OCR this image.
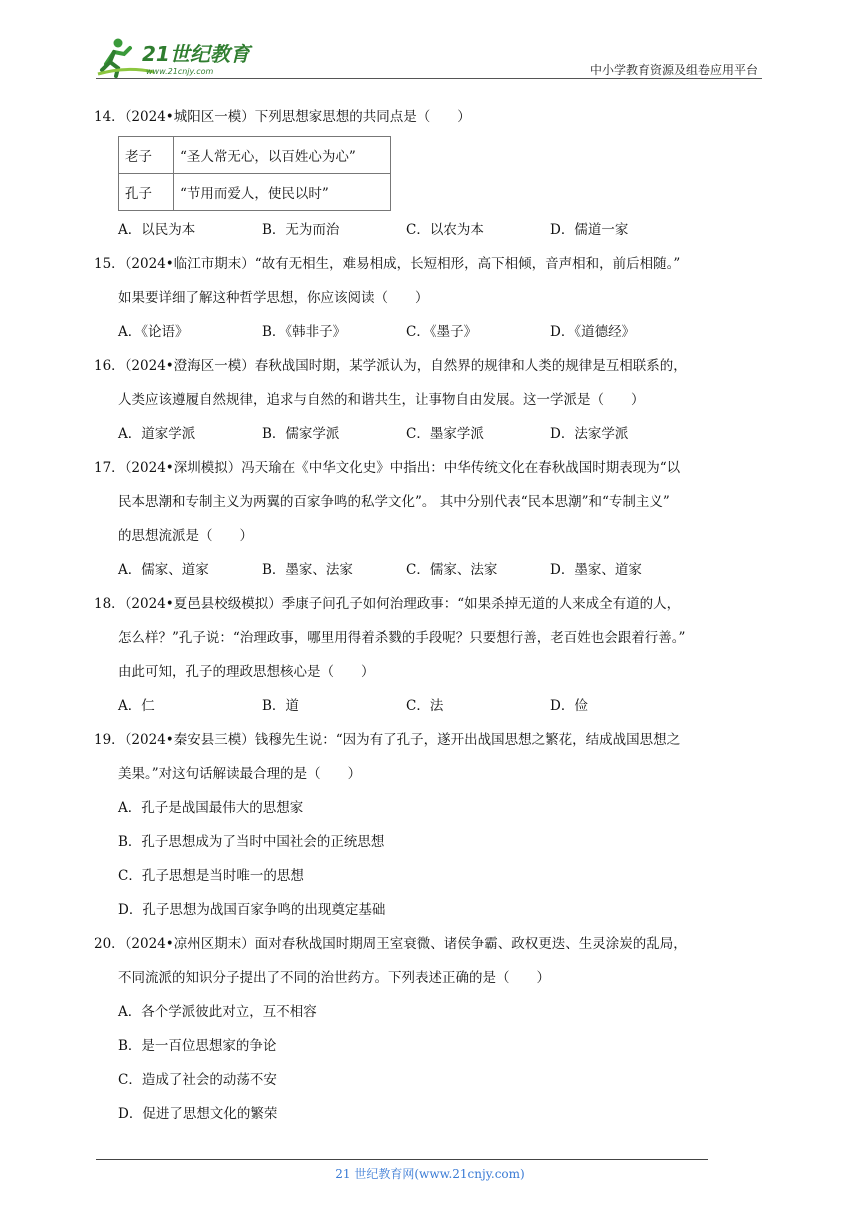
21世纪教育
www.21cnjy.com	中小学教育资源及组卷应用平台
14．（2024•城阳区一模）下列思想家思想的共同点是（　　）
老子	“圣人常无心，以百姓心为心”
孔子	“节用而爱人，使民以时”
A．以民为本	B．无为而治	C．以农为本	D．儒道一家
15．（2024•临江市期末）“故有无相生，难易相成，长短相形，高下相倾，音声相和，前后相随。”
如果要详细了解这种哲学思想，你应该阅读（　　）
A．《论语》	B．《韩非子》	C．《墨子》	D．《道德经》
16．（2024•澄海区一模）春秋战国时期，某学派认为，自然界的规律和人类的规律是互相联系的，
人类应该遵履自然规律，追求与自然的和谐共生，让事物自由发展。这一学派是（　　）
A．道家学派	B．儒家学派	C．墨家学派	D．法家学派
17．（2024•深圳模拟）冯天瑜在《中华文化史》中指出：中华传统文化在春秋战国时期表现为“以
民本思潮和专制主义为两翼的百家争鸣的私学文化”。 其中分别代表“民本思潮”和“专制主义”
的思想流派是（　　）
A．儒家、道家	B．墨家、法家	C．儒家、法家	D．墨家、道家
18．（2024•夏邑县校级模拟）季康子问孔子如何治理政事：“如果杀掉无道的人来成全有道的人，
怎么样？”孔子说：“治理政事，哪里用得着杀戮的手段呢？只要想行善，老百姓也会跟着行善。”
由此可知，孔子的理政思想核心是（　　）
A．仁	B．道	C．法	D．俭
19．（2024•秦安县三模）钱穆先生说：“因为有了孔子，遂开出战国思想之繁花，结成战国思想之
美果。”对这句话解读最合理的是（　　）
A．孔子是战国最伟大的思想家
B．孔子思想成为了当时中国社会的正统思想
C．孔子思想是当时唯一的思想
D．孔子思想为战国百家争鸣的出现奠定基础
20．（2024•凉州区期末）面对春秋战国时期周王室衰微、诸侯争霸、政权更迭、生灵涂炭的乱局，
不同流派的知识分子提出了不同的治世药方。下列表述正确的是（　　）
A．各个学派彼此对立，互不相容
B．是一百位思想家的争论
C．造成了社会的动荡不安
D．促进了思想文化的繁荣
21 世纪教育网(www.21cnjy.com)
